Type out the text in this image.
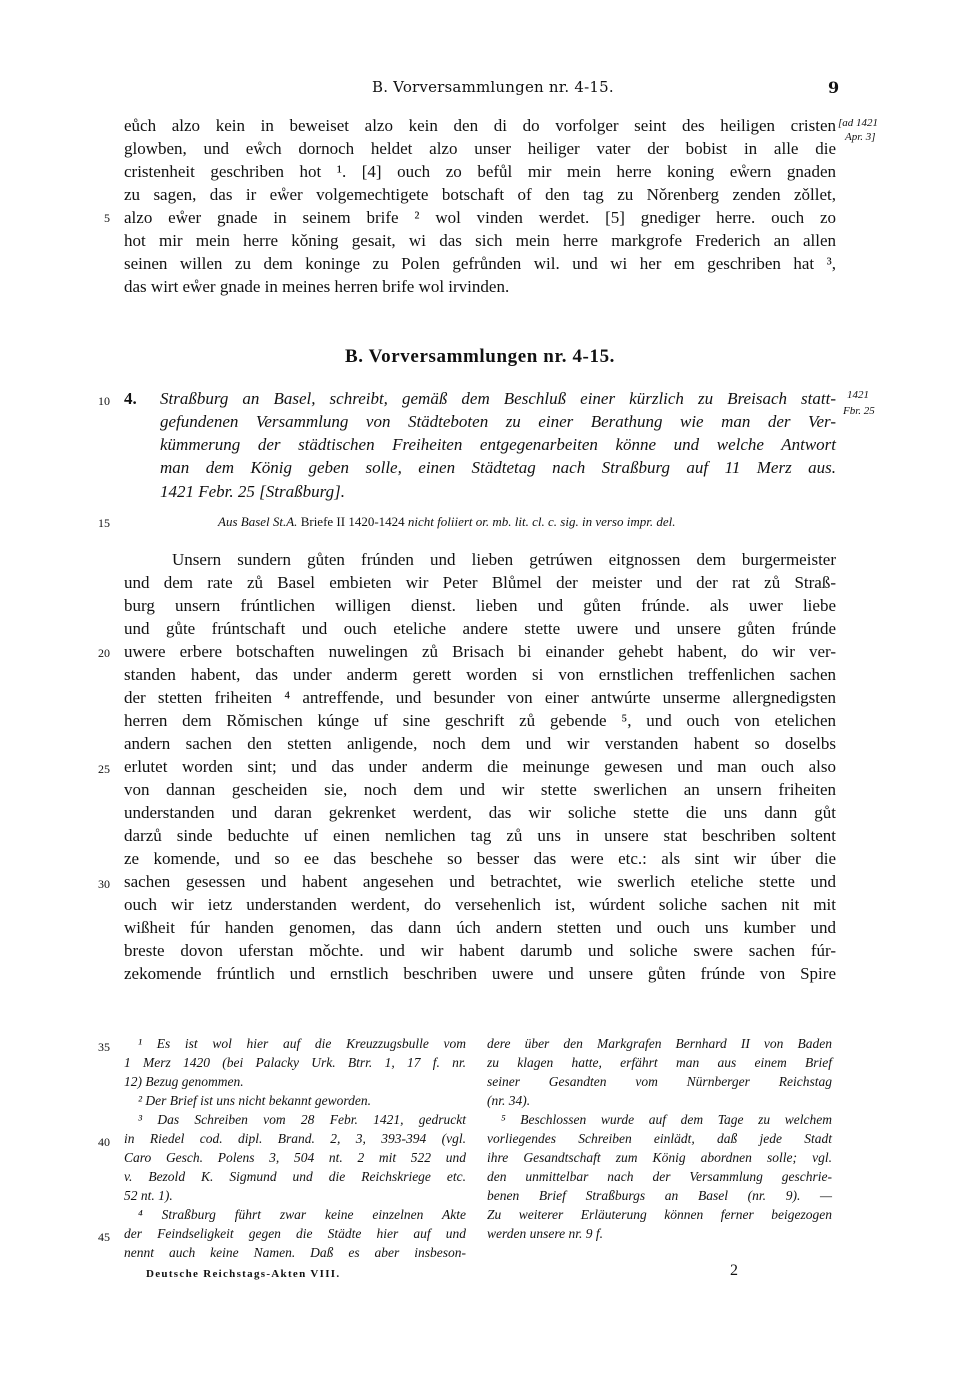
B. Vorversammlungen nr. 4-15.	9
eůch alzo kein in beweiset alzo kein den di do vorfolger seint des heiligen cristen
glowben, und eẘch dornoch heldet alzo unser heiliger vater der bobist in alle die
cristenheit geschriben hot ¹. [4] ouch zo befůl mir mein herre koning eẘern gnaden
zu sagen, das ir eẘer volgemechtigete botschaft of den tag zu Nǒrenberg zenden zǒllet,
alzo eẘer gnade in seinem brife ² wol vinden werdet. [5] gnediger herre. ouch zo
hot mir mein herre kǒning gesait, wi das sich mein herre markgrofe Frederich an allen
seinen willen zu dem koninge zu Polen gefrůnden wil. und wi her em geschriben hat ³,
das wirt eẘer gnade in meines herren brife wol irvinden.
[ad 1421
Apr. 3]
1421
Fbr. 25
5
10
15
20
25
30
35
40
45
B. Vorversammlungen nr. 4-15.
4. Straßburg an Basel, schreibt, gemäß dem Beschluß einer kürzlich zu Breisach statt-
gefundenen Versammlung von Städteboten zu einer Berathung wie man der Ver-
kümmerung der städtischen Freiheiten entgegenarbeiten könne und welche Antwort
man dem König geben solle, einen Städtetag nach Straßburg auf 11 Merz aus.
1421 Febr. 25 [Straßburg].
Aus Basel St.A. Briefe II 1420-1424 nicht foliiert or. mb. lit. cl. c. sig. in verso impr. del.
Unsern sundern gůten frúnden und lieben getrúwen eitgnossen dem burgermeister
und dem rate zů Basel embieten wir Peter Blůmel der meister und der rat zů Straß-
burg unsern frúntlichen willigen dienst. lieben und gůten frúnde. als uwer liebe
und gůte frúntschaft und ouch eteliche andere stette uwere und unsere gůten frúnde
uwere erbere botschaften nuwelingen zů Brisach bi einander gehebt habent, do wir ver-
standen habent, das under anderm gerett worden si von ernstlichen treffenlichen sachen
der stetten friheiten ⁴ antreffende, und besunder von einer antwúrte unserme allergnedigsten
herren dem Rǒmischen kúnge uf sine geschrift zů gebende ⁵, und ouch von etelichen
andern sachen den stetten anligende, noch dem und wir verstanden habent so doselbs
erlutet worden sint; und das under anderm die meinunge gewesen und man ouch also
von dannan gescheiden sie, noch dem und wir stette swerlichen an unsern friheiten
understanden und daran gekrenket werdent, das wir soliche stette die uns dann gůt
darzů sinde beduchte uf einen nemlichen tag zů uns in unsere stat beschriben soltent
ze komende, und so ee das beschehe so besser das were etc.: als sint wir úber die
sachen gesessen und habent angesehen und betrachtet, wie swerlich eteliche stette und
ouch wir ietz understanden werdent, do versehenlich ist, wúrdent soliche sachen nit mit
wißheit fúr handen genomen, das dann úch andern stetten und ouch uns kumber und
breste dovon uferstan mǒchte. und wir habent darumb und soliche swere sachen fúr-
zekomende frúntlich und ernstlich beschriben uwere und unsere gůten frúnde von Spire
¹ Es ist wol hier auf die Kreuzzugsbulle vom
1 Merz 1420 (bei Palacky Urk. Btrr. 1, 17 f. nr.
12) Bezug genommen.
² Der Brief ist uns nicht bekannt geworden.
³ Das Schreiben vom 28 Febr. 1421, gedruckt
in Riedel cod. dipl. Brand. 2, 3, 393-394 (vgl.
Caro Gesch. Polens 3, 504 nt. 2 mit 522 und
v. Bezold K. Sigmund und die Reichskriege etc.
52 nt. 1).
⁴ Straßburg führt zwar keine einzelnen Akte
der Feindseligkeit gegen die Städte hier auf und
nennt auch keine Namen. Daß es aber insbeson-
dere über den Markgrafen Bernhard II von Baden
zu klagen hatte, erfährt man aus einem Brief
seiner Gesandten vom Nürnberger Reichstag
(nr. 34).
⁵ Beschlossen wurde auf dem Tage zu welchem
vorliegendes Schreiben einlädt, daß jede Stadt
ihre Gesandtschaft zum König abordnen solle; vgl.
den unmittelbar nach der Versammlung geschrie-
benen Brief Straßburgs an Basel (nr. 9). —
Zu weiterer Erläuterung können ferner beigezogen
werden unsere nr. 9 f.
Deutsche Reichstags-Akten VIII.	2
